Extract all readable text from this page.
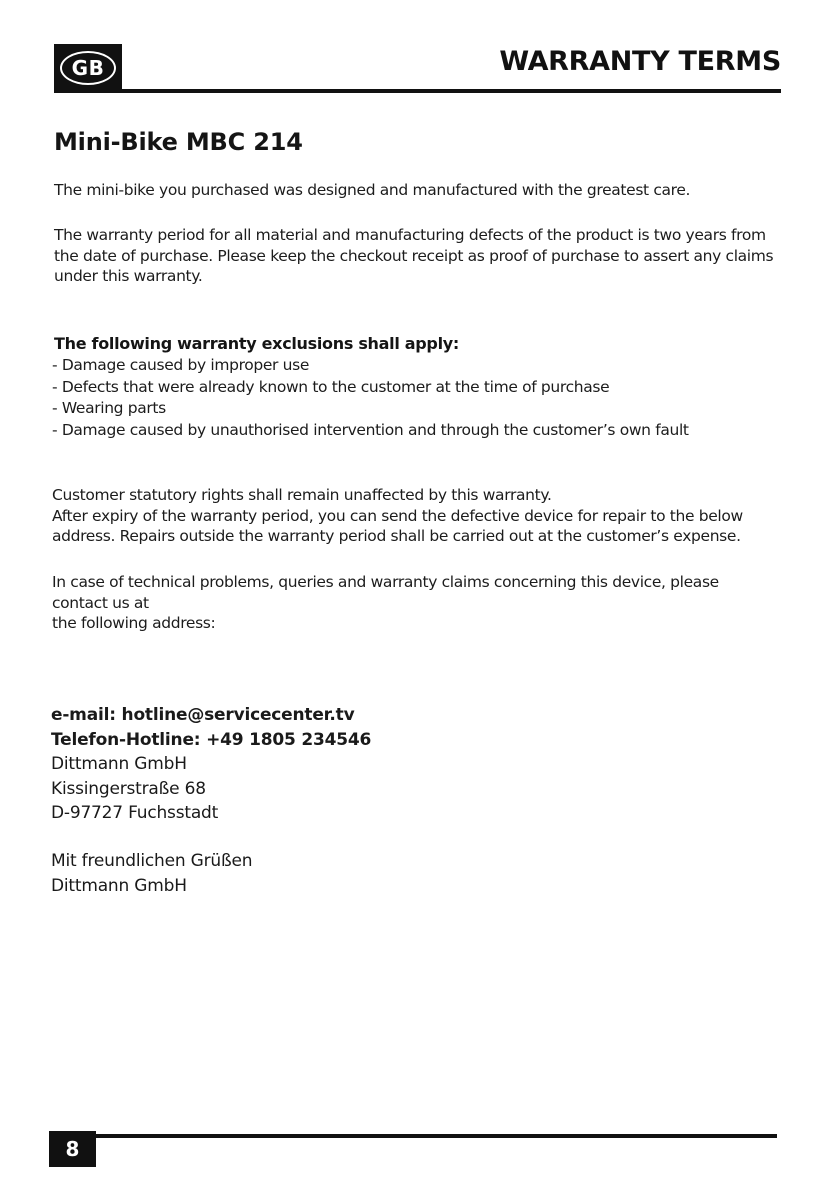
GB	WARRANTY TERMS
Mini-Bike MBC 214

The mini-bike you purchased was designed and manufactured with the greatest care.

The warranty period for all material and manufacturing defects of the product is two years from the date of purchase. Please keep the checkout receipt as proof of purchase to assert any claims under this warranty.

The following warranty exclusions shall apply:
- Damage caused by improper use
- Defects that were already known to the customer at the time of purchase
- Wearing parts
- Damage caused by unauthorised intervention and through the customer’s own fault
Customer statutory rights shall remain unaffected by this warranty.
After expiry of the warranty period, you can send the defective device for repair to the below address. Repairs outside the warranty period shall be carried out at the customer’s expense.
In case of technical problems, queries and warranty claims concerning this device, please contact us at
the following address:
e-mail: hotline@servicecenter.tv
Telefon-Hotline: +49 1805 234546
Dittmann GmbH
Kissingerstraße 68
D-97727 Fuchsstadt
Mit freundlichen Grüßen
Dittmann GmbH
8
